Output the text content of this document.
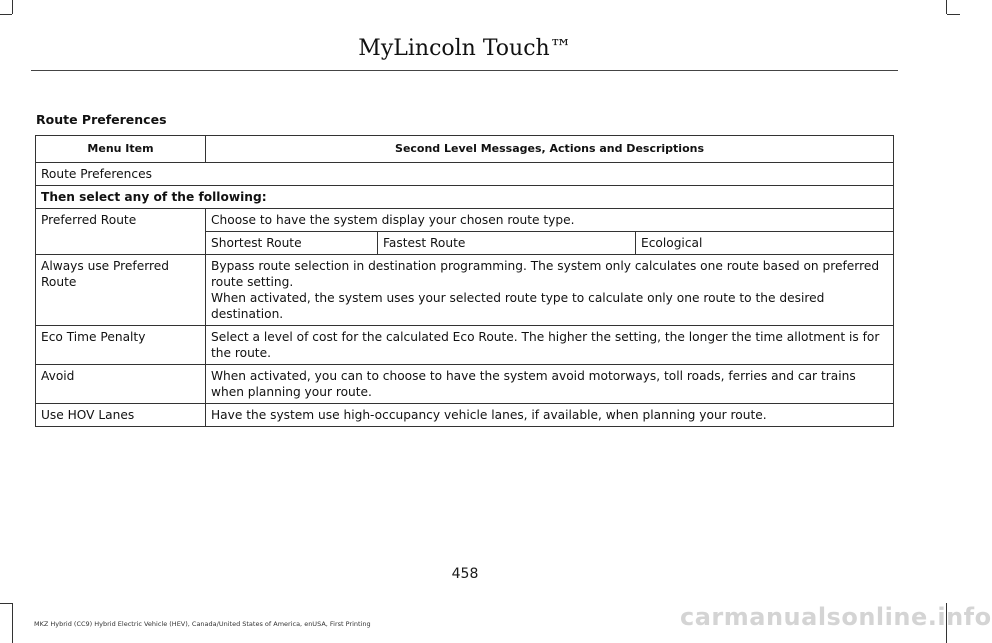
MyLincoln Touch™
Route Preferences
Menu Item	Second Level Messages, Actions and Descriptions		
Route Preferences			
Then select any of the following:			
Preferred Route	Choose to have the system display your chosen route type.		
	Shortest Route	Fastest Route	Ecological
Always use Preferred Route	Bypass route selection in destination programming. The system only calculates one route based on preferred route setting.
When activated, the system uses your selected route type to calculate only one route to the desired destination.		

Eco Time Penalty	Select a level of cost for the calculated Eco Route. The higher the setting, the longer the time allotment is for the route.		
Avoid	When activated, you can to choose to have the system avoid motorways, toll roads, ferries and car trains when planning your route.		
Use HOV Lanes	Have the system use high-occupancy vehicle lanes, if available, when planning your route.		
458
MKZ Hybrid (CC9) Hybrid Electric Vehicle (HEV), Canada/United States of America, enUSA, First Printing	carmanualsonline.info
